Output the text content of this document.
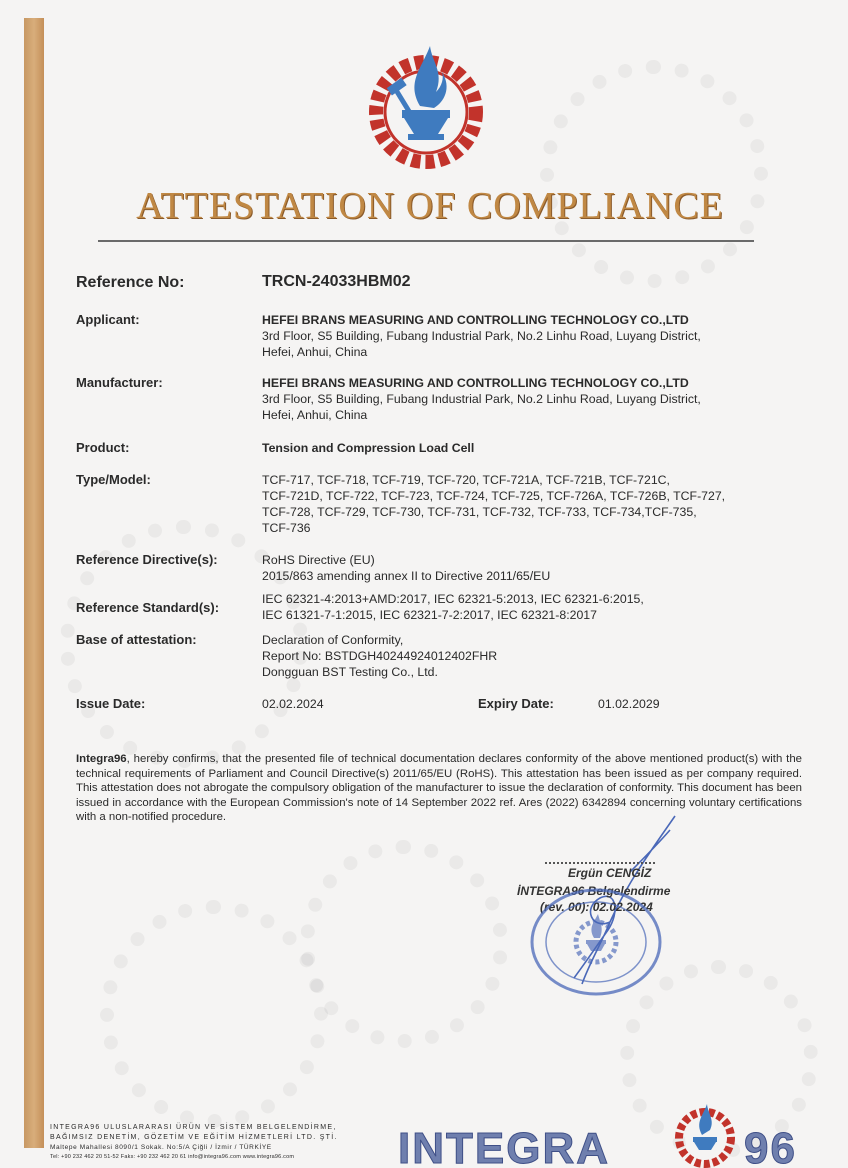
ATTESTATION OF COMPLIANCE
Reference No:	TRCN-24033HBM02
Applicant:	HEFEI BRANS MEASURING AND CONTROLLING TECHNOLOGY CO.,LTD
3rd Floor, S5 Building, Fubang Industrial Park, No.2 Linhu Road, Luyang District,
Hefei, Anhui, China
Manufacturer:	HEFEI BRANS MEASURING AND CONTROLLING TECHNOLOGY CO.,LTD
3rd Floor, S5 Building, Fubang Industrial Park, No.2 Linhu Road, Luyang District,
Hefei, Anhui, China
Product:	Tension and Compression Load Cell
Type/Model:	TCF-717, TCF-718, TCF-719, TCF-720, TCF-721A, TCF-721B, TCF-721C,
TCF-721D, TCF-722, TCF-723, TCF-724, TCF-725, TCF-726A, TCF-726B, TCF-727,
TCF-728, TCF-729, TCF-730, TCF-731, TCF-732, TCF-733, TCF-734,TCF-735,
TCF-736
Reference Directive(s):	RoHS Directive (EU)
2015/863 amending annex II to Directive 2011/65/EU
Reference Standard(s):
IEC 62321-4:2013+AMD:2017, IEC 62321-5:2013, IEC 62321-6:2015,
IEC 61321-7-1:2015, IEC 62321-7-2:2017, IEC 62321-8:2017
Base of attestation:	Declaration of Conformity,
Report No: BSTDGH40244924012402FHR
Dongguan BST Testing Co., Ltd.
Issue Date:	02.02.2024	Expiry Date:	01.02.2029
Integra96, hereby confirms, that the presented file of technical documentation declares conformity of the above mentioned product(s) with the technical requirements of Parliament and Council Directive(s) 2011/65/EU (RoHS). This attestation has been issued as per company required. This attestation does not abrogate the compulsory obligation of the manufacturer to issue the declaration of conformity. This document has been issued in accordance with the European Commission's note of 14 September 2022 ref. Ares (2022) 6342894 concerning voluntary certifications with a non-notified procedure.
Ergün CENGİZ
İNTEGRA96 Belgelendirme
(rev. 00): 02.02.2024
INTEGRA96 ULUSLARARASI ÜRÜN VE SİSTEM BELGELENDİRME,
BAĞIMSIZ DENETİM, GÖZETİM VE EĞİTİM HİZMETLERİ LTD. ŞTİ.
Maltepe Mahallesi 8090/1 Sokak. No:5/A Çiğli / İzmir / TÜRKİYE
Tel: +90 232 462 20 51-52 Faks: +90 232 462 20 61 info@integra96.com www.integra96.com INTEGRA	96
